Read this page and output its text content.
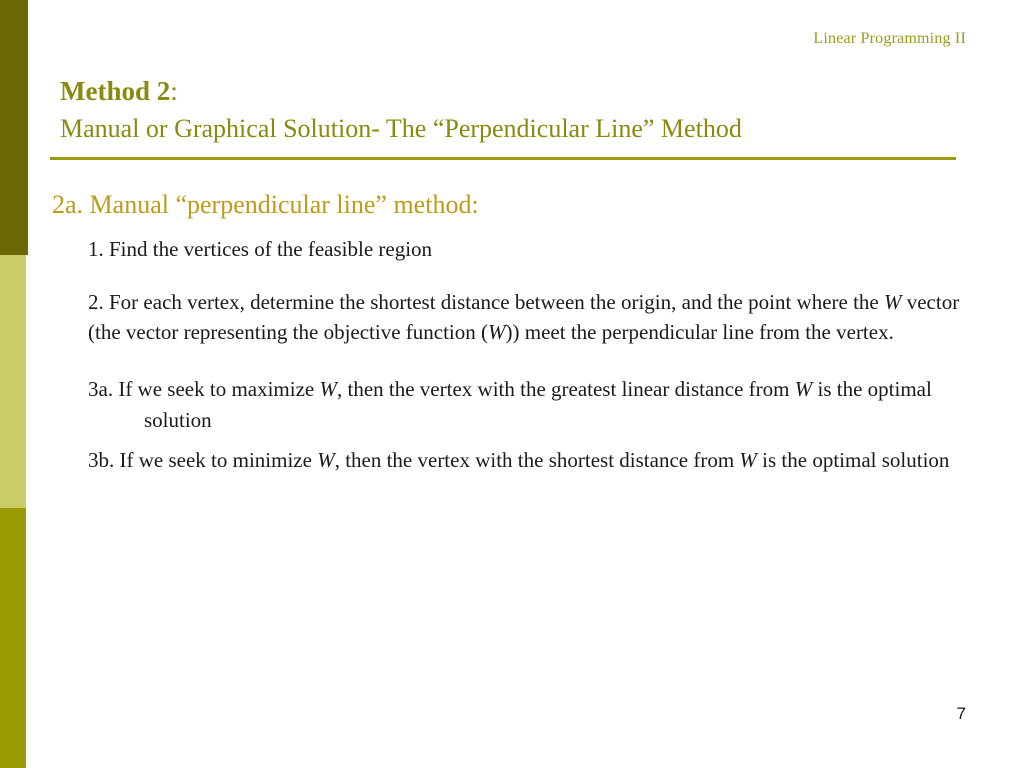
Linear Programming II
Method 2:
Manual or Graphical Solution- The “Perpendicular Line” Method
2a. Manual “perpendicular line” method:

1. Find the vertices of the feasible region

2. For each vertex, determine the shortest distance between the origin, and the point where the W vector (the vector representing the objective function (W)) meet the perpendicular line from the vertex.

3a. If we seek to maximize W, then the vertex with the greatest linear distance from W is the optimal solution

3b. If we seek to minimize W, then the vertex with the shortest distance from W is the optimal solution

7
